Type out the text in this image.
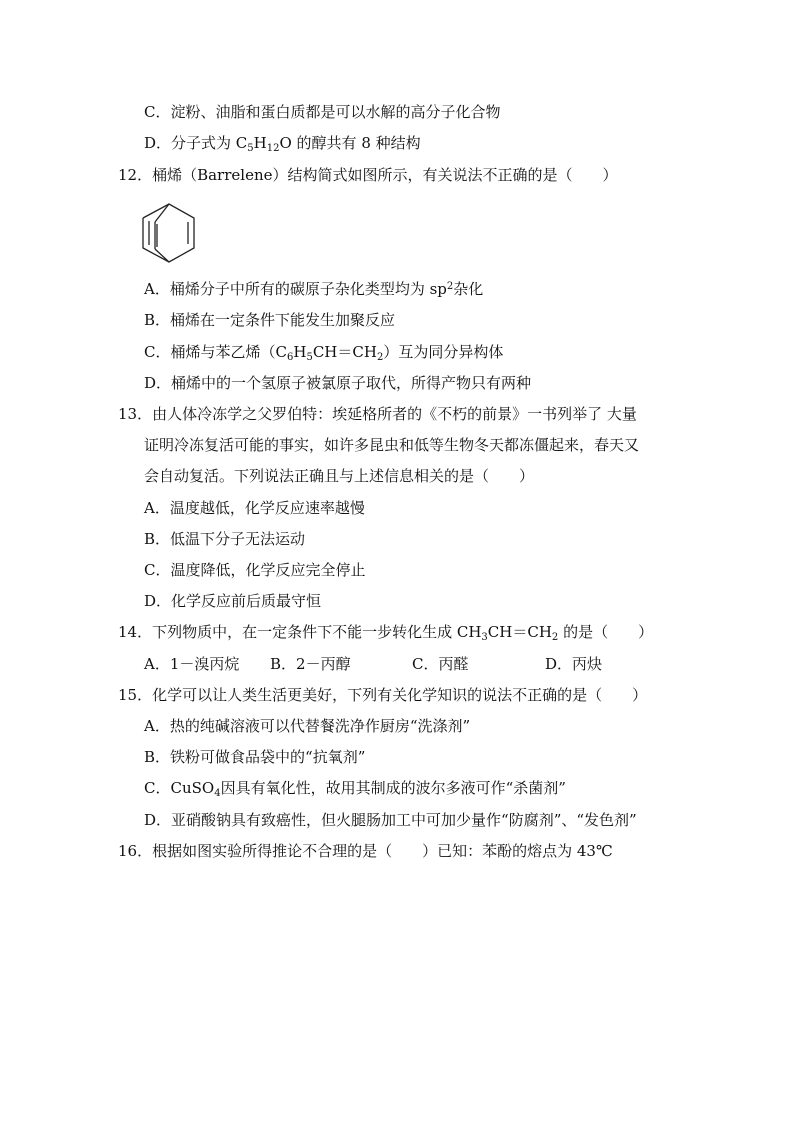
C．淀粉、油脂和蛋白质都是可以水解的高分子化合物
D．分子式为 $C_5H_{12}O$ 的醇共有 8 种结构
12．桶烯（Barrelene）结构简式如图所示，有关说法不正确的是（　　）
A．桶烯分子中所有的碳原子杂化类型均为 $sp^2$杂化
B．桶烯在一定条件下能发生加聚反应
C．桶烯与苯乙烯$(C_6H_5CH=CH_2)$互为同分异构体
D．桶烯中的一个氢原子被氯原子取代，所得产物只有两种
13．由人体冷冻学之父罗伯特：埃延格所者的《不朽的前景》一书列举了 大量
证明冷冻复活可能的事实，如许多昆虫和低等生物冬天都冻僵起来，春天又
会自动复活。下列说法正确且与上述信息相关的是（　　）
A．温度越低，化学反应速率越慢
B．低温下分子无法运动
C．温度降低，化学反应完全停止
D．化学反应前后质最守恒
14．下列物质中，在一定条件下不能一步转化生成 $CH_3CH=CH_2$ 的是（　　）
A．1－溴丙烷 B．2－丙醇	C．丙醛	D．丙炔
15．化学可以让人类生活更美好，下列有关化学知识的说法不正确的是（　　）
A．热的纯碱溶液可以代替餐洗净作厨房“洗涤剂”
B．铁粉可做食品袋中的“抗氧剂”
C．CuSO$_4$因具有氧化性，故用其制成的波尔多液可作“杀菌剂”
D．亚硝酸钠具有致癌性，但火腿肠加工中可加少量作“防腐剂”、“发色剂”
16．根据如图实验所得推论不合理的是（　　）已知：苯酚的熔点为 43℃
